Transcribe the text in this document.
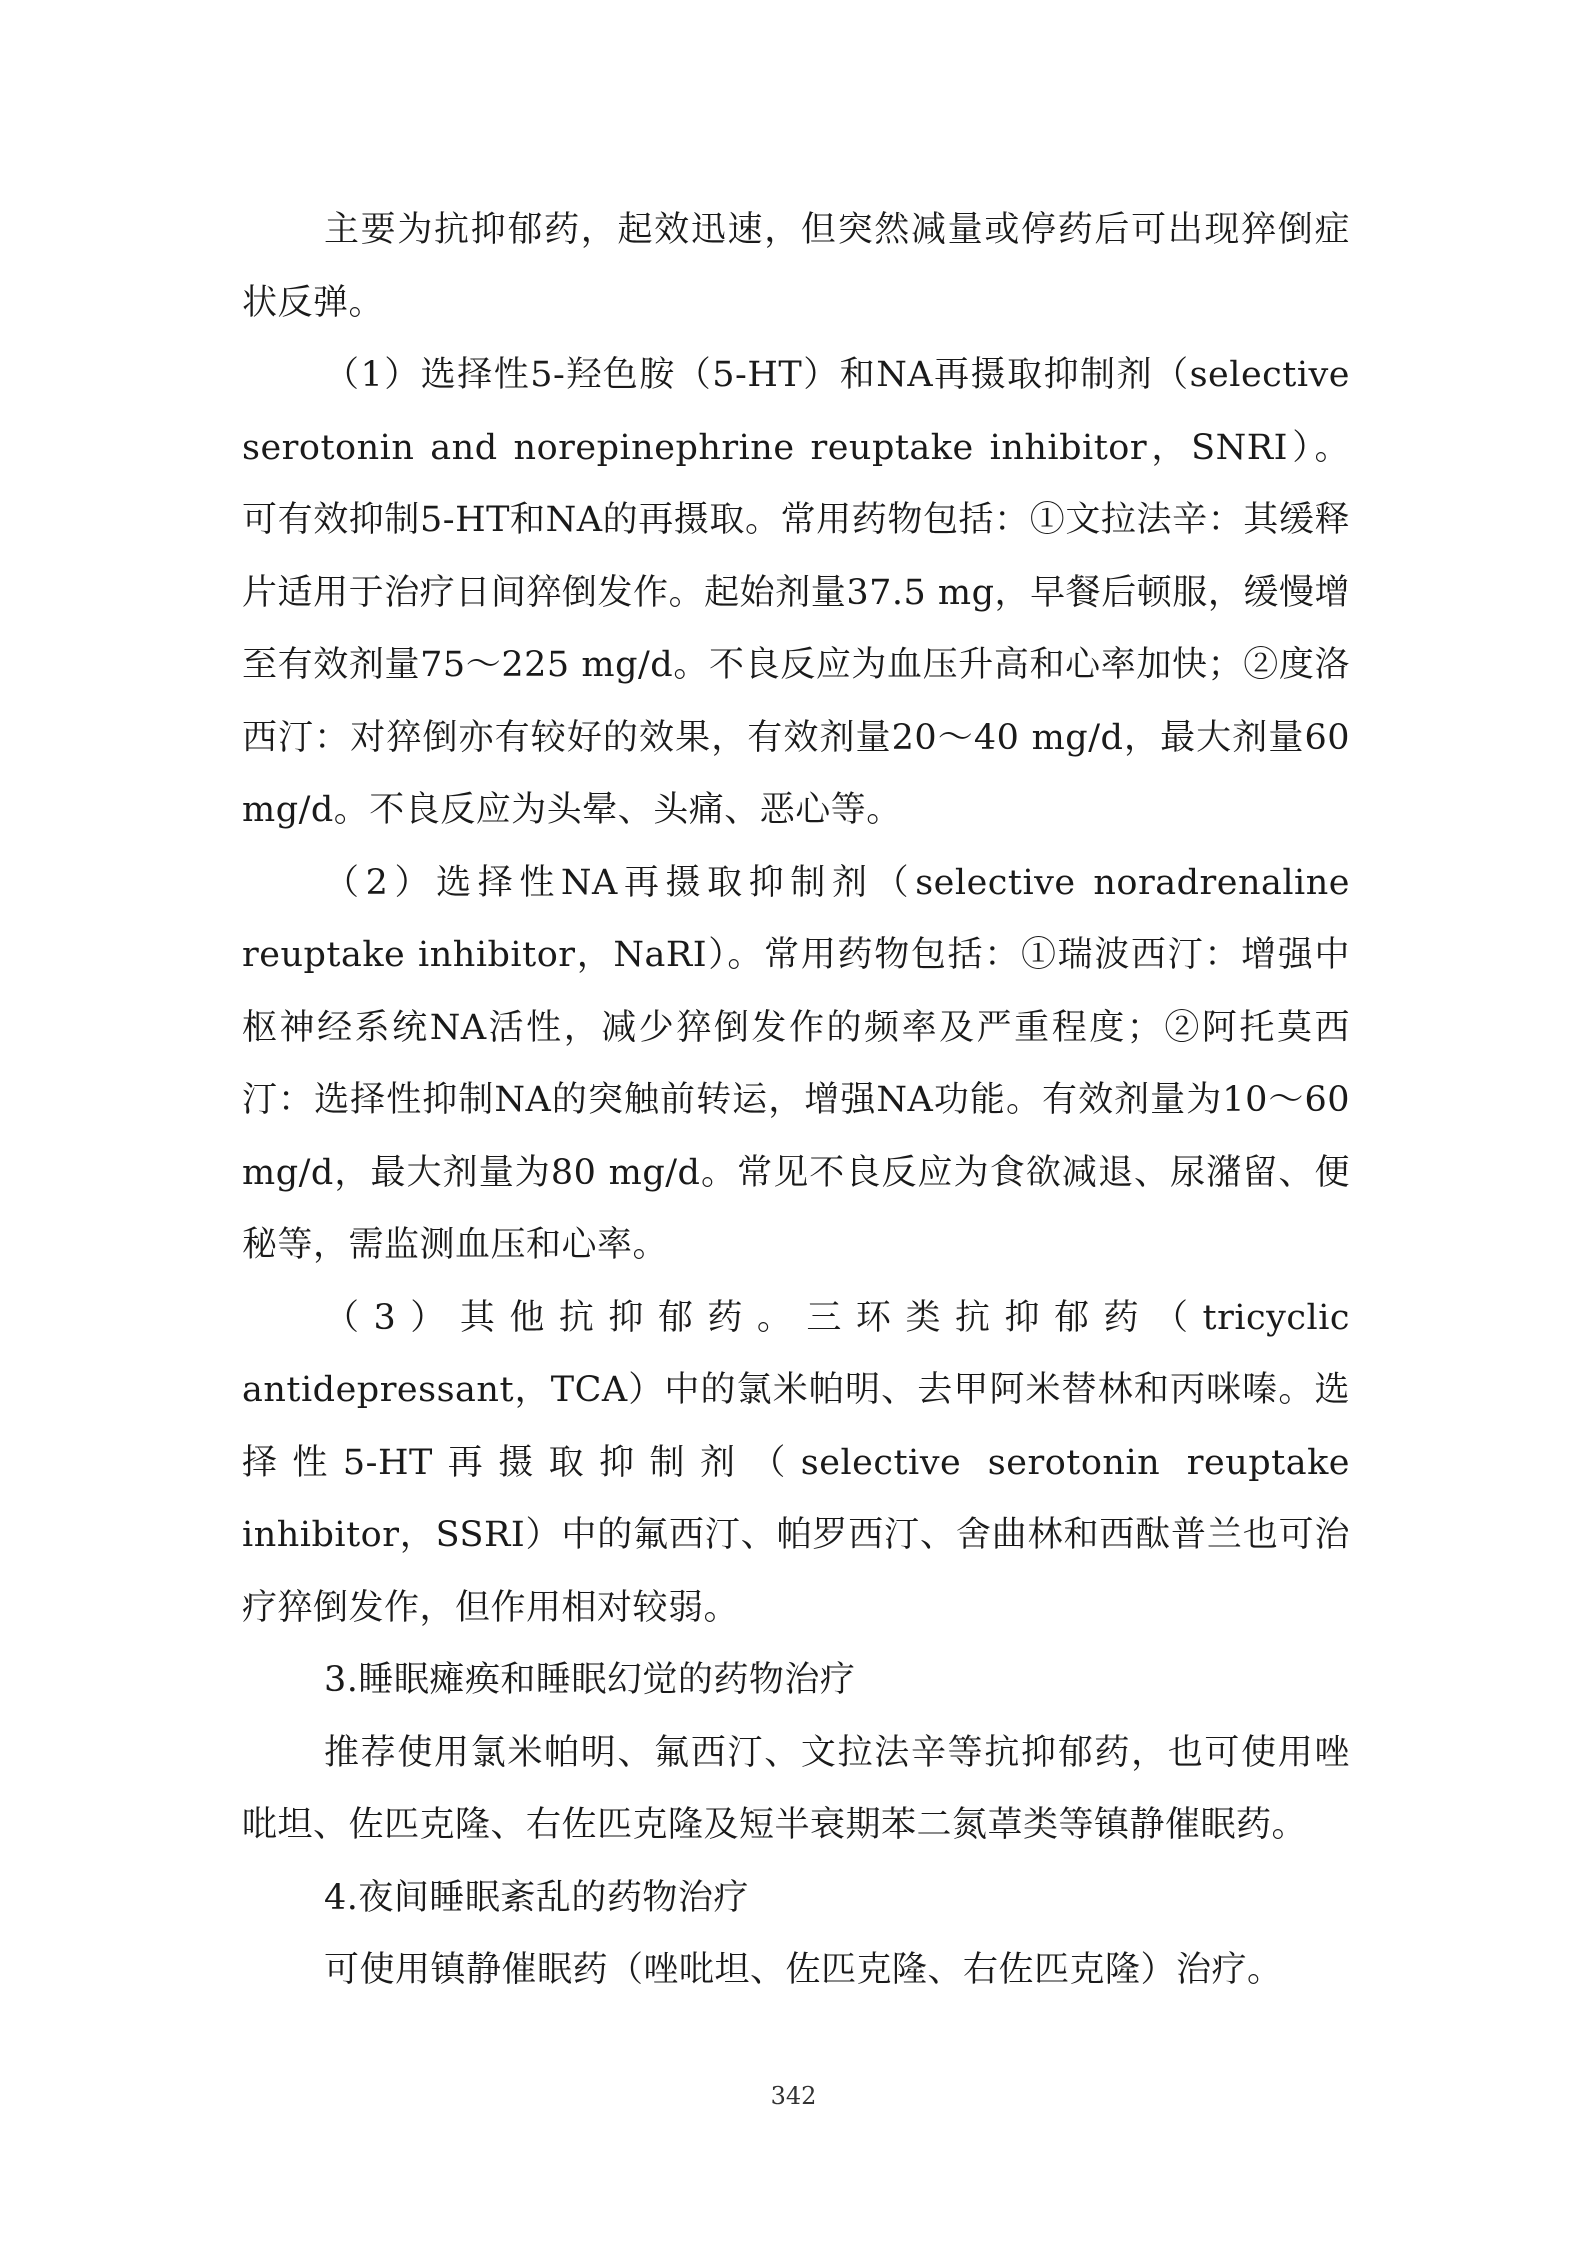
主要为抗抑郁药，起效迅速，但突然减量或停药后可出现猝倒症状反弹。

（1）选择性5-羟色胺（5-HT）和NA再摄取抑制剂（selective serotonin and norepinephrine reuptake inhibitor，SNRI）。可有效抑制5-HT和NA的再摄取。常用药物包括：①文拉法辛：其缓释片适用于治疗日间猝倒发作。起始剂量37.5 mg，早餐后顿服，缓慢增至有效剂量75～225 mg/d。不良反应为血压升高和心率加快；②度洛西汀：对猝倒亦有较好的效果，有效剂量20～40 mg/d，最大剂量60 mg/d。不良反应为头晕、头痛、恶心等。

（2）选择性NA再摄取抑制剂（selective noradrenaline reuptake inhibitor，NaRI）。常用药物包括：①瑞波西汀：增强中枢神经系统NA活性，减少猝倒发作的频率及严重程度；②阿托莫西汀：选择性抑制NA的突触前转运，增强NA功能。有效剂量为10～60 mg/d，最大剂量为80 mg/d。常见不良反应为食欲减退、尿潴留、便秘等，需监测血压和心率。

（3）其他抗抑郁药。三环类抗抑郁药（tricyclic antidepressant，TCA）中的氯米帕明、去甲阿米替林和丙咪嗪。选择性5-HT再摄取抑制剂（selective serotonin reuptake inhibitor，SSRI）中的氟西汀、帕罗西汀、舍曲林和西酞普兰也可治疗猝倒发作，但作用相对较弱。

3.睡眠瘫痪和睡眠幻觉的药物治疗

推荐使用氯米帕明、氟西汀、文拉法辛等抗抑郁药，也可使用唑吡坦、佐匹克隆、右佐匹克隆及短半衰期苯二氮䓬类等镇静催眠药。

4.夜间睡眠紊乱的药物治疗

可使用镇静催眠药（唑吡坦、佐匹克隆、右佐匹克隆）治疗。

342
